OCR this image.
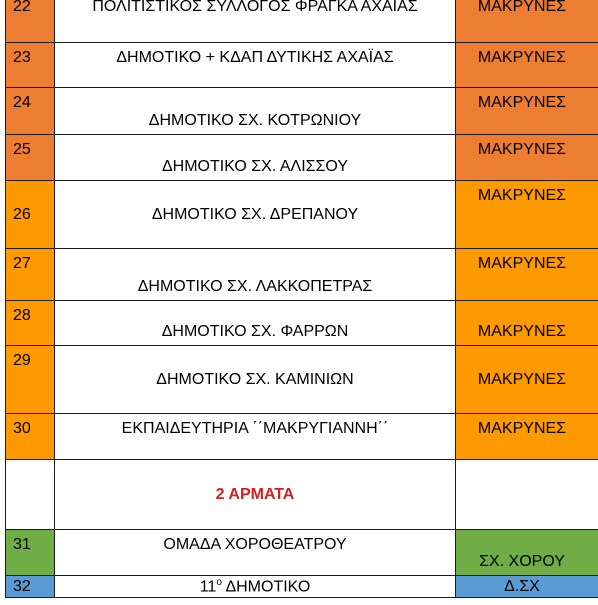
22	ΠΟΛΙΤΙΣΤΙΚΟΣ ΣΥΛΛΟΓΟΣ ΦΡΑΓΚΑ ΑΧΑΙΑΣ	ΜΑΚΡΥΝΕΣ
23	ΔΗΜΟΤΙΚΟ + ΚΔΑΠ ΔΥΤΙΚΗΣ ΑΧΑΪΑΣ	ΜΑΚΡΥΝΕΣ
24	ΔΗΜΟΤΙΚΟ ΣΧ. ΚΟΤΡΩΝΙΟΥ	ΜΑΚΡΥΝΕΣ
25	ΔΗΜΟΤΙΚΟ ΣΧ. ΑΛΙΣΣΟΥ	ΜΑΚΡΥΝΕΣ
26	ΔΗΜΟΤΙΚΟ ΣΧ. ΔΡΕΠΑΝΟΥ	ΜΑΚΡΥΝΕΣ
27	ΔΗΜΟΤΙΚΟ ΣΧ. ΛΑΚΚΟΠΕΤΡΑΣ	ΜΑΚΡΥΝΕΣ
28	ΔΗΜΟΤΙΚΟ ΣΧ. ΦΑΡΡΩΝ	ΜΑΚΡΥΝΕΣ
29	ΔΗΜΟΤΙΚΟ ΣΧ. ΚΑΜΙΝΙΩΝ	ΜΑΚΡΥΝΕΣ
30	ΕΚΠΑΙΔΕΥΤΗΡΙΑ ΄΄ΜΑΚΡΥΓΙΑΝΝΗ΄΄	ΜΑΚΡΥΝΕΣ
	2 ΑΡΜΑΤΑ	
31	ΟΜΑΔΑ ΧΟΡΟΘΕΑΤΡΟΥ	ΣΧ. ΧΟΡΟΥ
32	$11^o$ ΔΗΜΟΤΙΚΟ	Δ.ΣΧ
